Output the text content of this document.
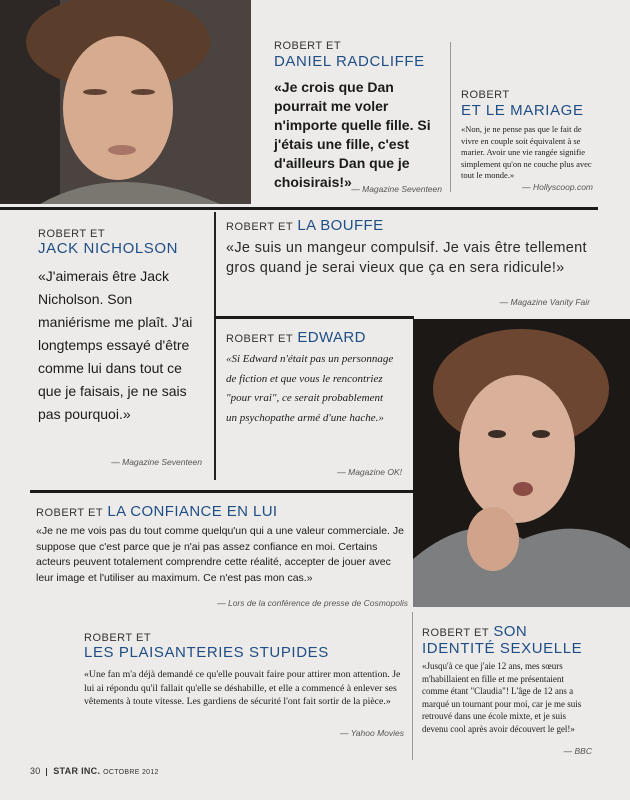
ROBERT ET
DANIEL RADCLIFFE
«Je crois que Dan pourrait me voler n'importe quelle fille. Si j'étais une fille, c'est d'ailleurs Dan que je choisirais!» — Magazine Seventeen
ROBERT
ET LE MARIAGE
«Non, je ne pense pas que le fait de vivre en couple soit équivalent à se marier. Avoir une vie rangée signifie simplement qu'on ne couche plus avec tout le monde.»
— Hollyscoop.com
ROBERT ET
JACK NICHOLSON
«J'aimerais être Jack Nicholson. Son maniérisme me plaît. J'ai longtemps essayé d'être comme lui dans tout ce que je faisais, je ne sais pas pourquoi.»
— Magazine Seventeen
ROBERT ET LA BOUFFE
«Je suis un mangeur compulsif. Je vais être tellement gros quand je serai vieux que ça en sera ridicule!»
— Magazine Vanity Fair
ROBERT ET EDWARD
«Si Edward n'était pas un personnage de fiction et que vous le rencontriez "pour vrai", ce serait probablement un psychopathe armé d'une hache.»
— Magazine OK!
ROBERT ET LA CONFIANCE EN LUI
«Je ne me vois pas du tout comme quelqu'un qui a une valeur commerciale. Je suppose que c'est parce que je n'ai pas assez confiance en moi. Certains acteurs peuvent totalement comprendre cette réalité, accepter de jouer avec leur image et l'utiliser au maximum. Ce n'est pas mon cas.»
— Lors de la conférence de presse de Cosmopolis
ROBERT ET
LES PLAISANTERIES STUPIDES
«Une fan m'a déjà demandé ce qu'elle pouvait faire pour attirer mon attention. Je lui ai répondu qu'il fallait qu'elle se déshabille, et elle a commencé à enlever ses vêtements à toute vitesse. Les gardiens de sécurité l'ont fait sortir de la pièce.»
— Yahoo Movies
ROBERT ET SON
IDENTITÉ SEXUELLE
«Jusqu'à ce que j'aie 12 ans, mes sœurs m'habillaient en fille et me présentaient comme étant "Claudia"! L'âge de 12 ans a marqué un tournant pour moi, car je me suis retrouvé dans une école mixte, et je suis devenu cool après avoir découvert le gel!»
— BBC
30 STAR INC. OCTOBRE 2012
